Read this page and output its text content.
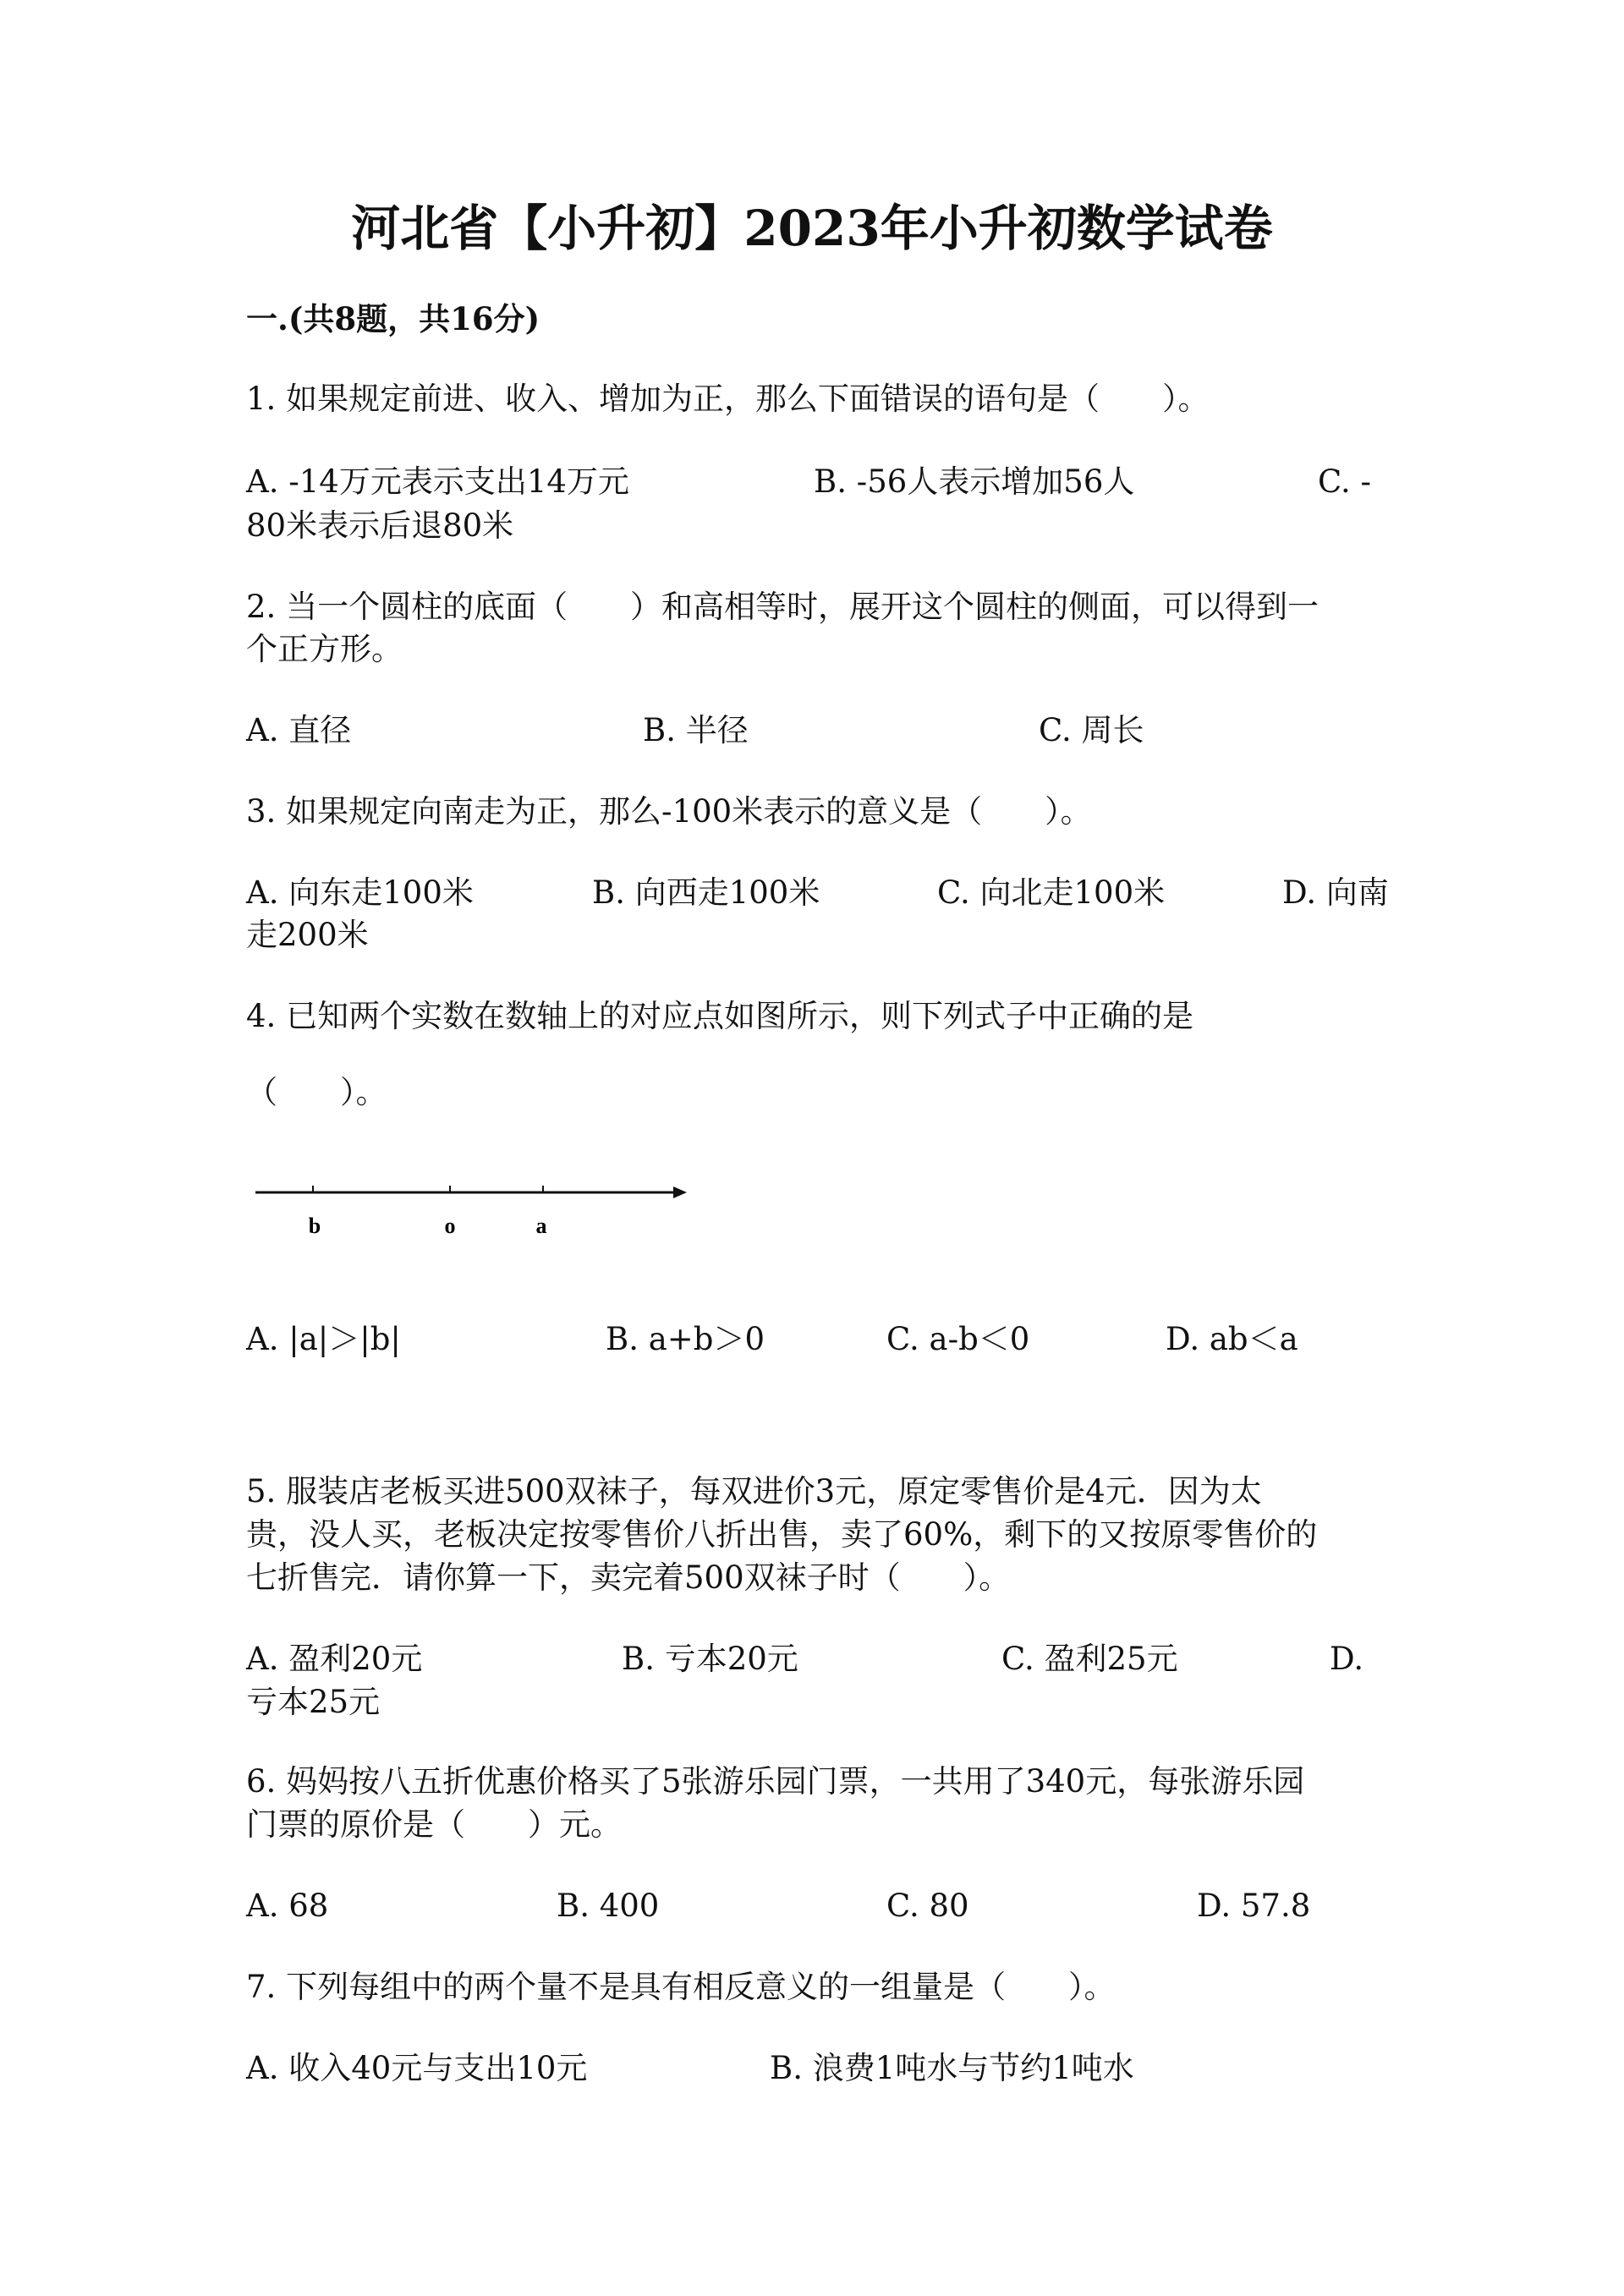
河北省【小升初】2023年小升初数学试卷
一.(共8题，共16分)
1. 如果规定前进、收入、增加为正，那么下面错误的语句是（　　）。
A. -14万元表示支出14万元	B. -56人表示增加56人	C. -
80米表示后退80米
2. 当一个圆柱的底面（　　）和高相等时，展开这个圆柱的侧面，可以得到一
个正方形。
A. 直径	B. 半径	C. 周长
3. 如果规定向南走为正，那么-100米表示的意义是（　　）。
A. 向东走100米	B. 向西走100米	C. 向北走100米	D. 向南
走200米
4. 已知两个实数在数轴上的对应点如图所示，则下列式子中正确的是
（　　）。
b	o	a
A. |a|＞|b|	B. a+b＞0	C. a-b＜0	D. ab＜a
5. 服装店老板买进500双袜子，每双进价3元，原定零售价是4元．因为太
贵，没人买，老板决定按零售价八折出售，卖了60%，剩下的又按原零售价的
七折售完．请你算一下，卖完着500双袜子时（　　）。
A. 盈利20元	B. 亏本20元	C. 盈利25元	D.
亏本25元
6. 妈妈按八五折优惠价格买了5张游乐园门票，一共用了340元，每张游乐园
门票的原价是（　　）元。
A. 68	B. 400	C. 80	D. 57.8
7. 下列每组中的两个量不是具有相反意义的一组量是（　　）。
A. 收入40元与支出10元	B. 浪费1吨水与节约1吨水
